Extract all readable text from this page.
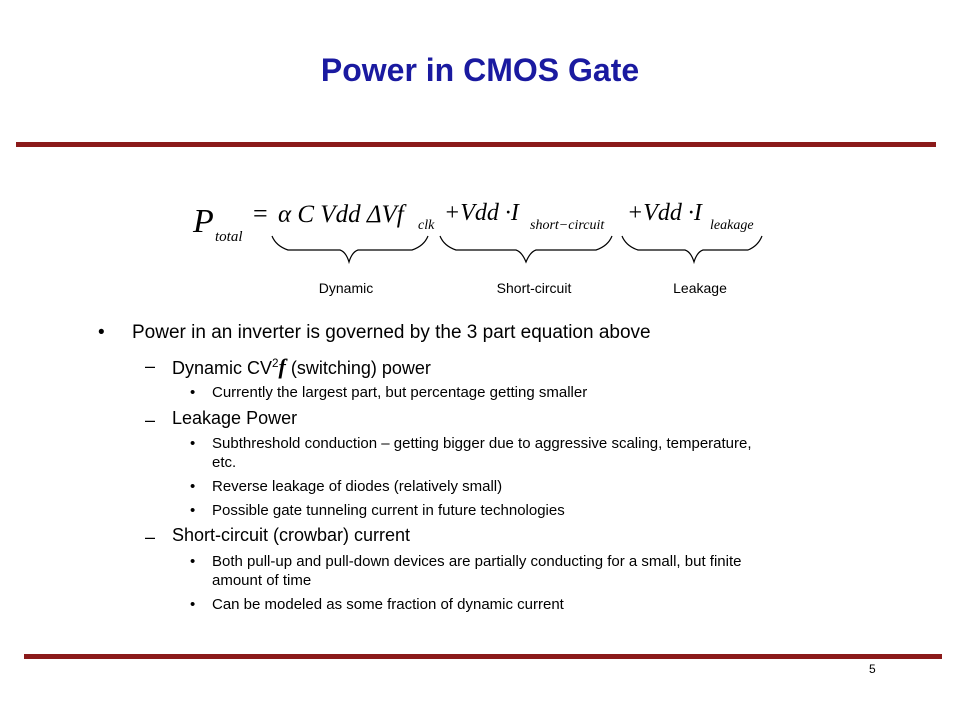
Power in CMOS Gate
P total
= α C Vdd ΔVf clk +Vdd ·I short−circuit +Vdd ·I leakage
Dynamic	Short-circuit	Leakage
• Power in an inverter is governed by the 3 part equation above
– Dynamic $CV^2f$ (switching) power
• Currently the largest part, but percentage getting smaller
– Leakage Power
• Subthreshold conduction – getting bigger due to aggressive scaling, temperature,
etc.
• Reverse leakage of diodes (relatively small)
• Possible gate tunneling current in future technologies
– Short-circuit (crowbar) current
• Both pull-up and pull-down devices are partially conducting for a small, but finite
amount of time
• Can be modeled as some fraction of dynamic current
5
